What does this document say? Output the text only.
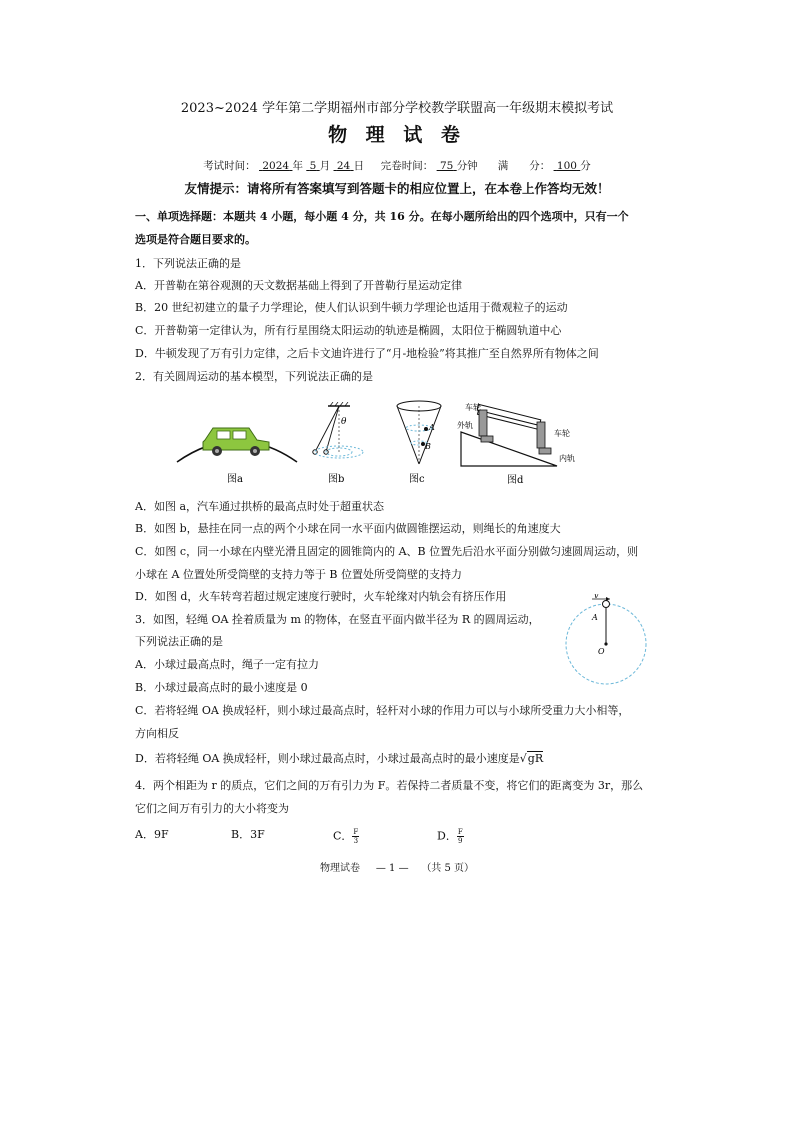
2023~2024 学年第二学期福州市部分学校教学联盟高一年级期末模拟考试
物 理 试 卷
考试时间： 2024 年 5 月 24 日 完卷时间： 75 分钟 满　　分： 100 分
友情提示：请将所有答案填写到答题卡的相应位置上，在本卷上作答均无效！
一、单项选择题：本题共 4 小题，每小题 4 分，共 16 分。在每小题所给出的四个选项中，只有一个
选项是符合题目要求的。
1．下列说法正确的是
A．开普勒在第谷观测的天文数据基础上得到了开普勒行星运动定律
B．20 世纪初建立的量子力学理论，使人们认识到牛顿力学理论也适用于微观粒子的运动
C．开普勒第一定律认为，所有行星围绕太阳运动的轨迹是椭圆，太阳位于椭圆轨道中心
D．牛顿发现了万有引力定律，之后卡文迪许进行了“月-地检验”将其推广至自然界所有物体之间
2．有关圆周运动的基本模型，下列说法正确的是
图a
θ
图b
A
B
图c
车轮
外轨
车轮
内轨
图d
A．如图 a，汽车通过拱桥的最高点时处于超重状态
B．如图 b，悬挂在同一点的两个小球在同一水平面内做圆锥摆运动，则绳长的角速度大
C．如图 c，同一小球在内壁光滑且固定的圆锥筒内的 A、B 位置先后沿水平面分别做匀速圆周运动，则
小球在 A 位置处所受筒壁的支持力等于 B 位置处所受筒壁的支持力
D．如图 d，火车转弯若超过规定速度行驶时，火车轮缘对内轨会有挤压作用
3．如图，轻绳 OA 拴着质量为 m 的物体，在竖直平面内做半径为 R 的圆周运动，
下列说法正确的是
v
A
O
A．小球过最高点时，绳子一定有拉力
B．小球过最高点时的最小速度是 0
C．若将轻绳 OA 换成轻杆，则小球过最高点时，轻杆对小球的作用力可以与小球所受重力大小相等，
方向相反
D．若将轻绳 OA 换成轻杆，则小球过最高点时，小球过最高点时的最小速度是√gR
4．两个相距为 r 的质点，它们之间的万有引力为 F。若保持二者质量不变，将它们的距离变为 3r，那么
它们之间万有引力的大小将变为
A．9F	B．3F	C． $\frac{F}{3}$	D． $\frac{F}{9}$
物理试卷 — 1 — （共 5 页）
